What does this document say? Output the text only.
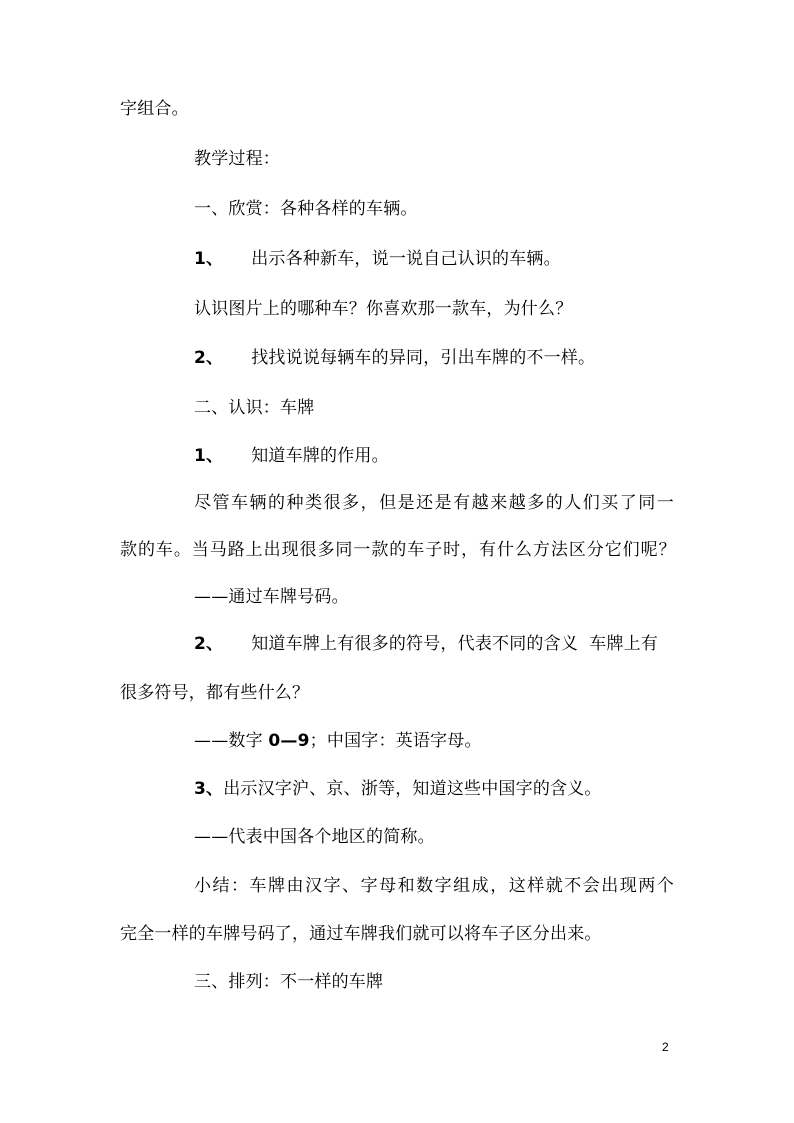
字组合。
教学过程：
一、欣赏：各种各样的车辆。
1、 出示各种新车，说一说自己认识的车辆。
认识图片上的哪种车？你喜欢那一款车，为什么？
2、 找找说说每辆车的异同，引出车牌的不一样。
二、认识：车牌
1、 知道车牌的作用。
尽管车辆的种类很多，但是还是有越来越多的人们买了同一
款的车。当马路上出现很多同一款的车子时，有什么方法区分它们呢？
——通过车牌号码。
2、 知道车牌上有很多的符号，代表不同的含义  车牌上有
很多符号，都有些什么？
——数字 0—9；中国字：英语字母。
3、出示汉字沪、京、浙等，知道这些中国字的含义。
——代表中国各个地区的简称。
小结：车牌由汉字、字母和数字组成，这样就不会出现两个
完全一样的车牌号码了，通过车牌我们就可以将车子区分出来。
三、排列：不一样的车牌
2
